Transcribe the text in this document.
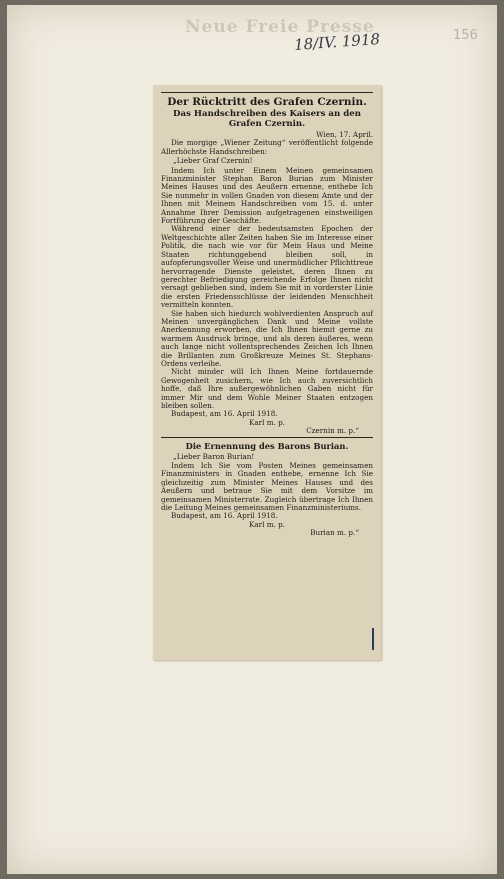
Neue Freie Presse
18/IV. 1918	156
Der Rücktritt des Grafen Czernin.
Das Handschreiben des Kaisers an den Grafen Czernin.
Wien, 17. April.

Die morgige „Wiener Zeitung“ veröffentlicht folgende Allerhöchste Handschreiben:

„Lieber Graf Czernin!

Indem Ich unter Einem Meinen gemeinsamen Finanzminister Stephan Baron Burian zum Minister Meines Hauses und des Aeußern ernenne, enthebe Ich Sie nunmehr in vollen Gnaden von diesem Amte und der Ihnen mit Meinem Handschreiben vom 15. d. unter Annahme Ihrer Demission aufgetragenen einstweiligen Fortführung der Geschäfte.

Während einer der bedeutsamsten Epochen der Weltgeschichte aller Zeiten haben Sie im Interesse einer Politik, die nach wie vor für Mein Haus und Meine Staaten richtunggebend bleiben soll, in aufopferungsvoller Weise und unermüdlicher Pflichttreue hervorragende Dienste geleistet, deren Ihnen zu gerechter Befriedigung gereichende Erfolge Ihnen nicht versagt geblieben sind, indem Sie mit in vorderster Linie die ersten Friedensschlüsse der leidenden Menschheit vermitteln konnten.

Sie haben sich hiedurch wohlverdienten Anspruch auf Meinen unvergänglichen Dank und Meine vollste Anerkennung erworben, die Ich Ihnen hiemit gerne zu warmem Ausdruck bringe, und als deren äußeres, wenn auch lange nicht vollentsprechendes Zeichen Ich Ihnen die Brillanten zum Großkreuze Meines St. Stephans-Ordens verleihe.

Nicht minder will Ich Ihnen Meine fortdauernde Gewogenheit zusichern, wie Ich auch zuversichtlich hoffe, daß Ihre außergewöhnlichen Gaben nicht für immer Mir und dem Wohle Meiner Staaten entzogen bleiben sollen.

Budapest, am 16. April 1918.

Karl m. p.
Czernin m. p.“
Die Ernennung des Barons Burian.

„Lieber Baron Burian!

Indem Ich Sie vom Posten Meines gemeinsamen Finanzministers in Gnaden enthebe, ernenne Ich Sie gleichzeitig zum Minister Meines Hauses und des Aeußern und betraue Sie mit dem Vorsitze im gemeinsamen Ministerrate. Zugleich übertrage Ich Ihnen die Leitung Meines gemeinsamen Finanzministeriums.

Budapest, am 16. April 1918.

Karl m. p.
Burian m. p.“
